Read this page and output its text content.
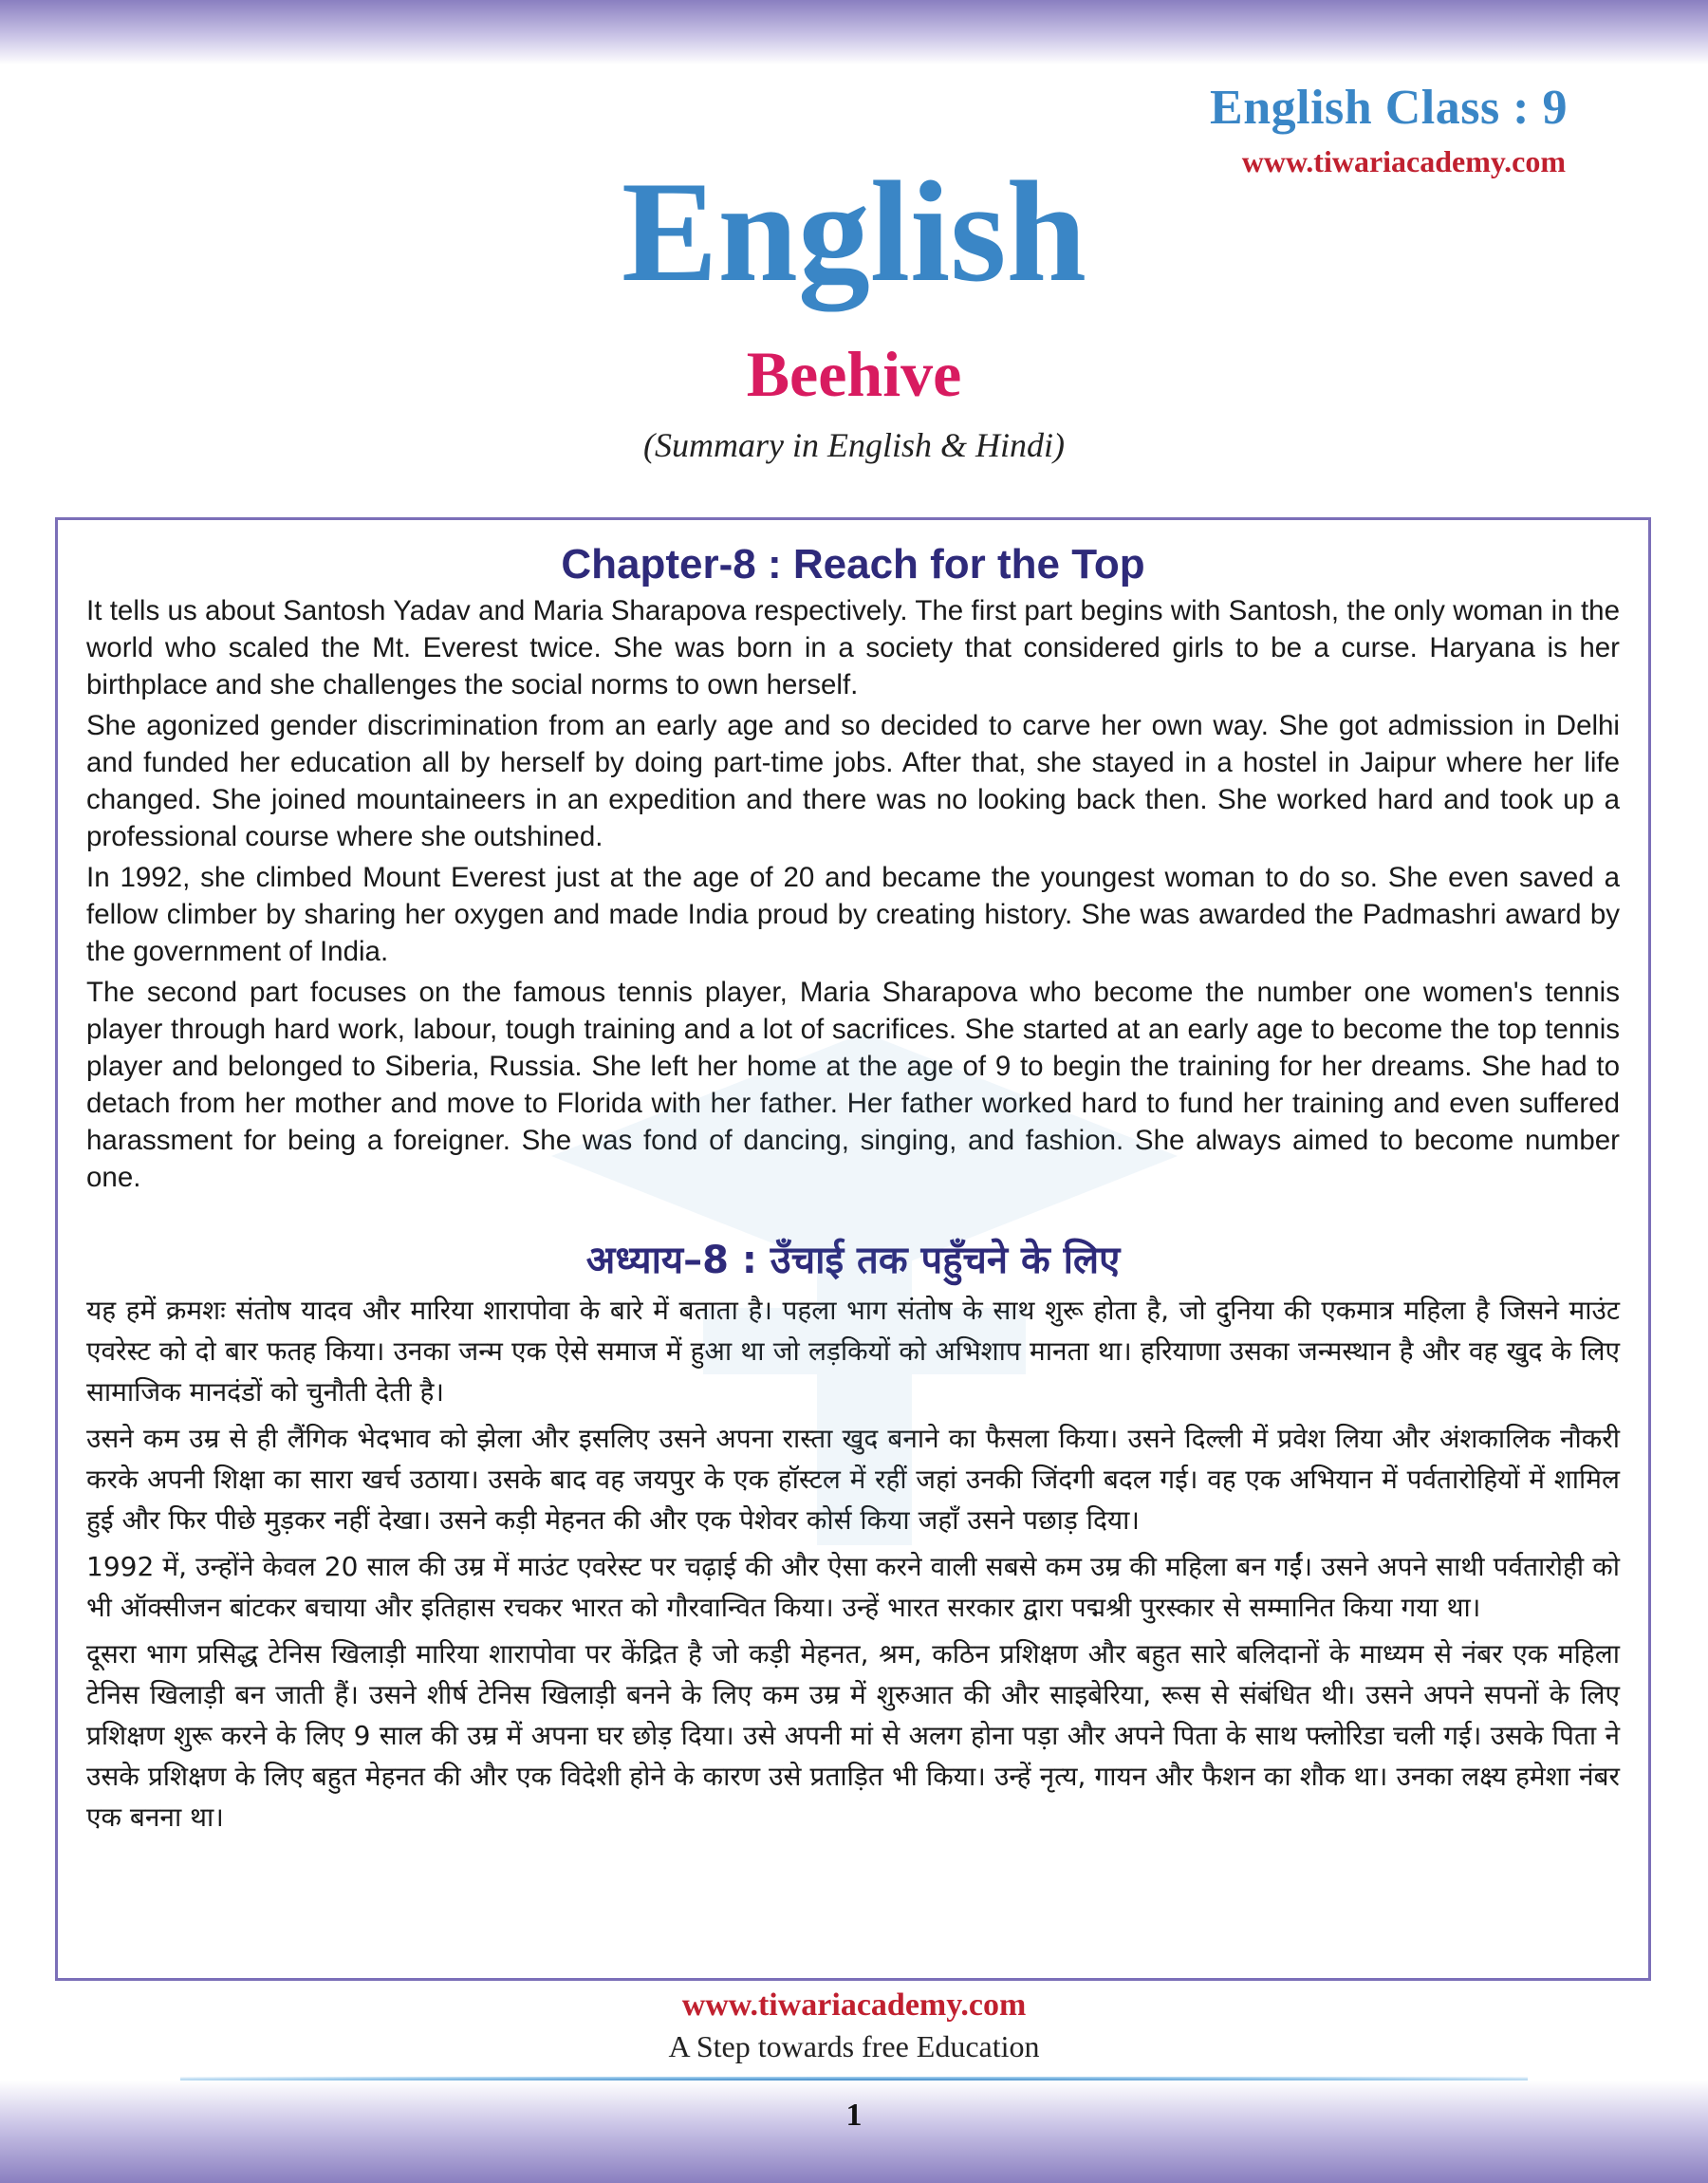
English Class : 9
www.tiwariacademy.com
English
Beehive
(Summary in English & Hindi)
Chapter-8 : Reach for the Top

It tells us about Santosh Yadav and Maria Sharapova respectively. The first part begins with Santosh, the only woman in the world who scaled the Mt. Everest twice. She was born in a society that considered girls to be a curse. Haryana is her birthplace and she challenges the social norms to own herself.

She agonized gender discrimination from an early age and so decided to carve her own way. She got admission in Delhi and funded her education all by herself by doing part-time jobs. After that, she stayed in a hostel in Jaipur where her life changed. She joined mountaineers in an expedition and there was no looking back then. She worked hard and took up a professional course where she outshined.

In 1992, she climbed Mount Everest just at the age of 20 and became the youngest woman to do so. She even saved a fellow climber by sharing her oxygen and made India proud by creating history. She was awarded the Padmashri award by the government of India.

The second part focuses on the famous tennis player, Maria Sharapova who become the number one women's tennis player through hard work, labour, tough training and a lot of sacrifices. She started at an early age to become the top tennis player and belonged to Siberia, Russia. She left her home at the age of 9 to begin the training for her dreams. She had to detach from her mother and move to Florida with her father. Her father worked hard to fund her training and even suffered harassment for being a foreigner. She was fond of dancing, singing, and fashion. She always aimed to become number one.

अध्याय–8 : उँचाई तक पहुँचने के लिए

यह हमें क्रमशः संतोष यादव और मारिया शारापोवा के बारे में बताता है। पहला भाग संतोष के साथ शुरू होता है, जो दुनिया की एकमात्र महिला है जिसने माउंट एवरेस्ट को दो बार फतह किया। उनका जन्म एक ऐसे समाज में हुआ था जो लड़कियों को अभिशाप मानता था। हरियाणा उसका जन्मस्थान है और वह खुद के लिए सामाजिक मानदंडों को चुनौती देती है।

उसने कम उम्र से ही लैंगिक भेदभाव को झेला और इसलिए उसने अपना रास्ता खुद बनाने का फैसला किया। उसने दिल्ली में प्रवेश लिया और अंशकालिक नौकरी करके अपनी शिक्षा का सारा खर्च उठाया। उसके बाद वह जयपुर के एक हॉस्टल में रहीं जहां उनकी जिंदगी बदल गई। वह एक अभियान में पर्वतारोहियों में शामिल हुई और फिर पीछे मुड़कर नहीं देखा। उसने कड़ी मेहनत की और एक पेशेवर कोर्स किया जहाँ उसने पछाड़ दिया।

1992 में, उन्होंने केवल 20 साल की उम्र में माउंट एवरेस्ट पर चढ़ाई की और ऐसा करने वाली सबसे कम उम्र की महिला बन गईं। उसने अपने साथी पर्वतारोही को भी ऑक्सीजन बांटकर बचाया और इतिहास रचकर भारत को गौरवान्वित किया। उन्हें भारत सरकार द्वारा पद्मश्री पुरस्कार से सम्मानित किया गया था।

दूसरा भाग प्रसिद्ध टेनिस खिलाड़ी मारिया शारापोवा पर केंद्रित है जो कड़ी मेहनत, श्रम, कठिन प्रशिक्षण और बहुत सारे बलिदानों के माध्यम से नंबर एक महिला टेनिस खिलाड़ी बन जाती हैं। उसने शीर्ष टेनिस खिलाड़ी बनने के लिए कम उम्र में शुरुआत की और साइबेरिया, रूस से संबंधित थी। उसने अपने सपनों के लिए प्रशिक्षण शुरू करने के लिए 9 साल की उम्र में अपना घर छोड़ दिया। उसे अपनी मां से अलग होना पड़ा और अपने पिता के साथ फ्लोरिडा चली गई। उसके पिता ने उसके प्रशिक्षण के लिए बहुत मेहनत की और एक विदेशी होने के कारण उसे प्रताड़ित भी किया। उन्हें नृत्य, गायन और फैशन का शौक था। उनका लक्ष्य हमेशा नंबर एक बनना था।

www.tiwariacademy.com
A Step towards free Education
1
